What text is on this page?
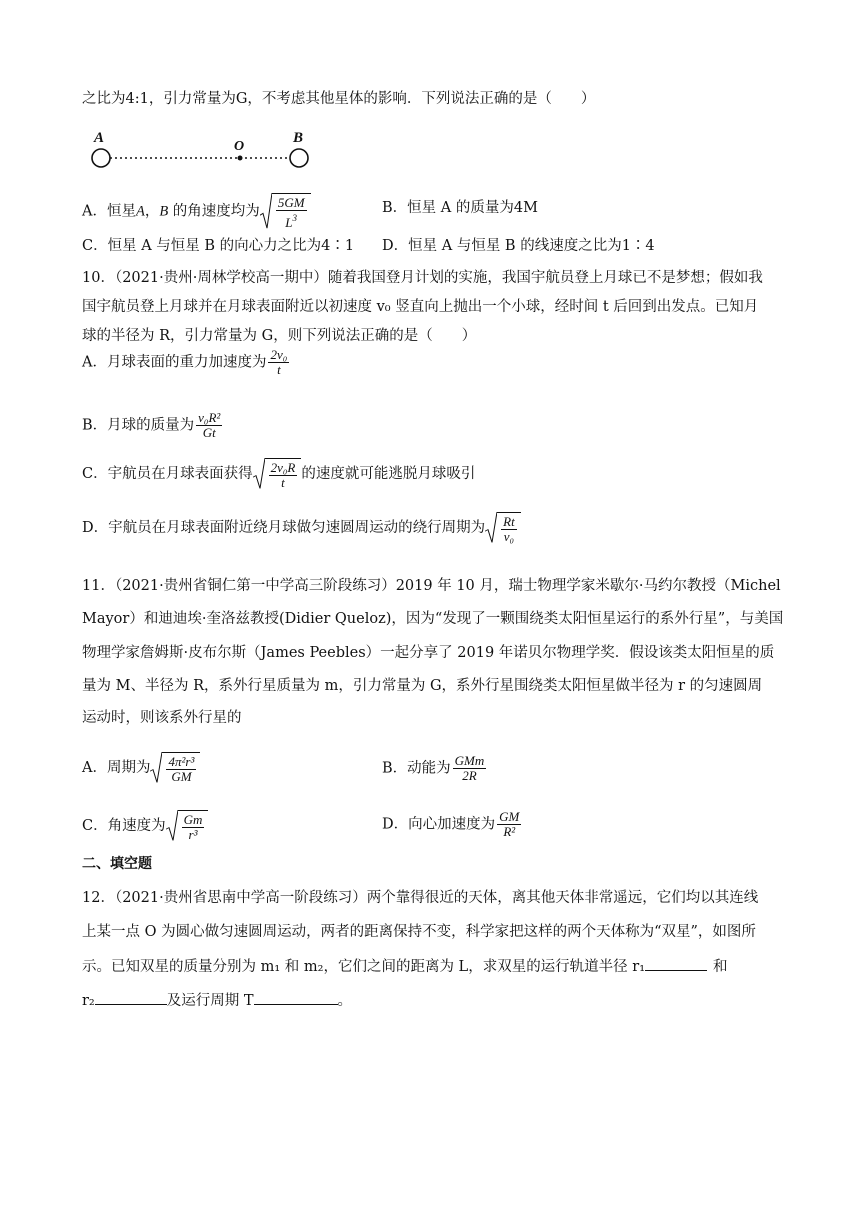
之比为4:1，引力常量为G，不考虑其他星体的影响．下列说法正确的是（　　）
A
O
B
A．恒星A，B 的角速度均为 $\frac{5GM}{L^3}$	B．恒星 A 的质量为4M
C．恒星 A 与恒星 B 的向心力之比为4∶1 D．恒星 A 与恒星 B 的线速度之比为1∶4
10．（2021·贵州·周林学校高一期中）随着我国登月计划的实施，我国宇航员登上月球已不是梦想；假如我
国宇航员登上月球并在月球表面附近以初速度 v₀ 竖直向上抛出一个小球，经时间 t 后回到出发点。已知月
球的半径为 R，引力常量为 G，则下列说法正确的是（　　）
A．月球表面的重力加速度为 $\frac{\text{2v₀}}{t}$
B．月球的质量为 $\frac{\text{v₀R²}}{Gt}$
C．宇航员在月球表面获得 $\frac{\text{2v₀R}}{t}$ 的速度就可能逃脱月球吸引
D．宇航员在月球表面附近绕月球做匀速圆周运动的绕行周期为 $\frac{Rt}{\text{v₀}}$
11．（2021·贵州省铜仁第一中学高三阶段练习）2019 年 10 月，瑞士物理学家米歇尔·马约尔教授（Michel
Mayor）和迪迪埃·奎洛兹教授(Didier Queloz)，因为“发现了一颗围绕类太阳恒星运行的系外行星”，与美国
物理学家詹姆斯·皮布尔斯（James Peebles）一起分享了 2019 年诺贝尔物理学奖．假设该类太阳恒星的质
量为 M、半径为 R，系外行星质量为 m，引力常量为 G，系外行星围绕类太阳恒星做半径为 r 的匀速圆周
运动时，则该系外行星的
A．周期为 $\frac{\text{4π²r³}}{GM}$	B．动能为 $\frac{\text{GMm}}{2R}$
C．角速度为 $\frac{Gm}{\text{r³}}$	D．向心加速度为 $\frac{GM}{\text{R²}}$
二、填空题
12．（2021·贵州省思南中学高一阶段练习）两个靠得很近的天体，离其他天体非常遥远，它们均以其连线
上某一点 O 为圆心做匀速圆周运动，两者的距离保持不变，科学家把这样的两个天体称为“双星”，如图所
示。已知双星的质量分别为 m₁ 和 m₂，它们之间的距离为 L，求双星的运行轨道半径 r₁	和
r₂	及运行周期 T	。
